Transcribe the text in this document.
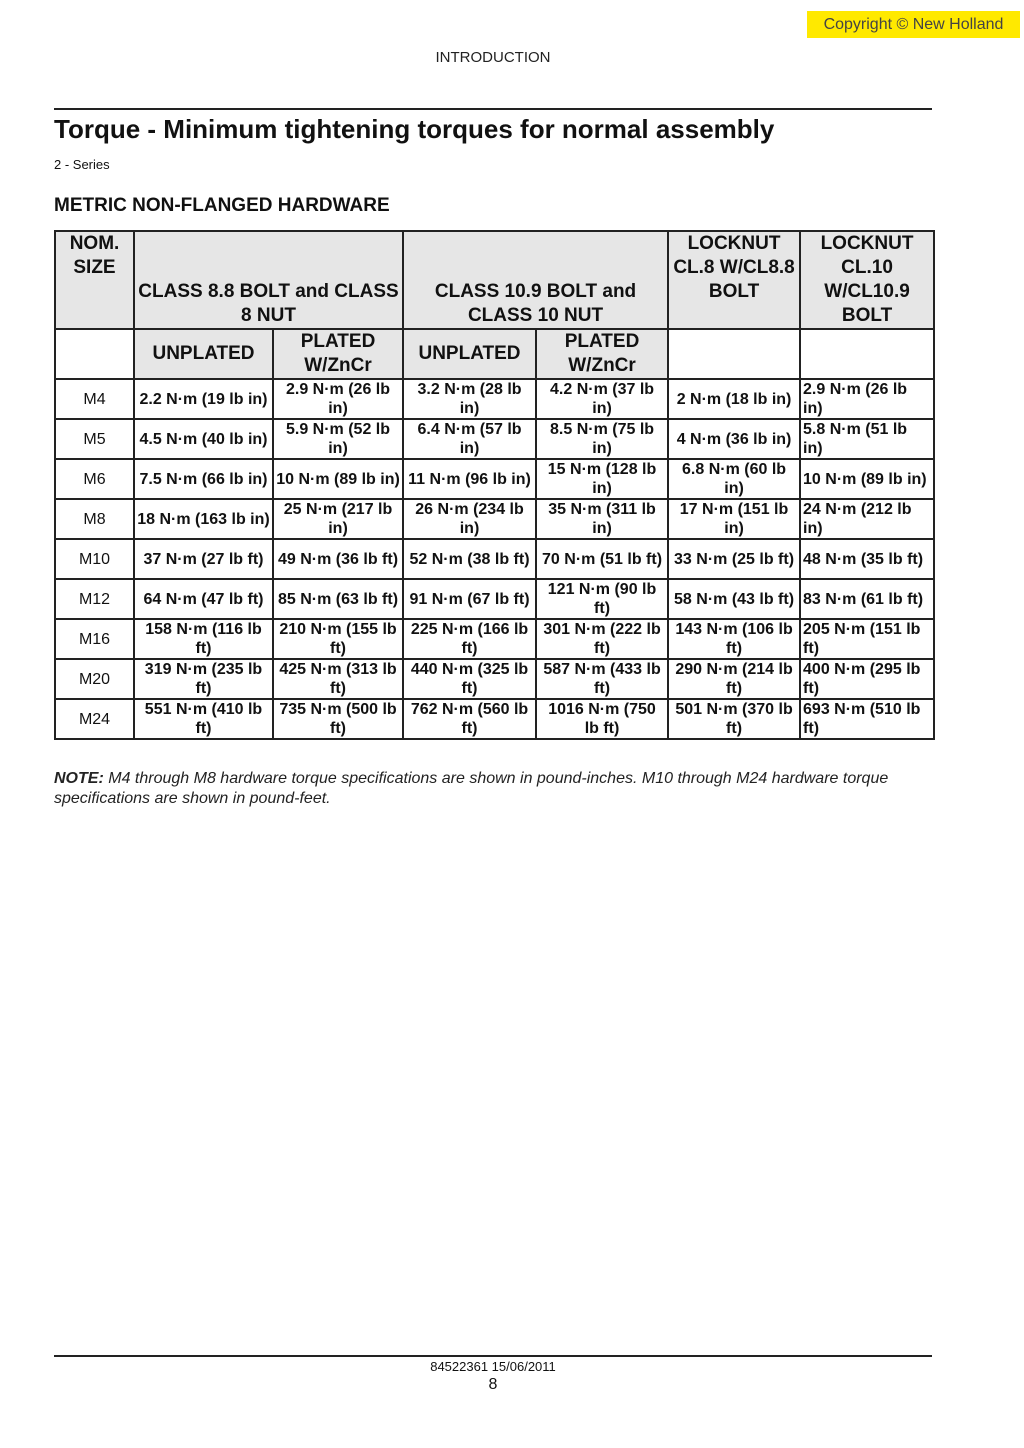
Copyright © New Holland
INTRODUCTION
Torque - Minimum tightening torques for normal assembly
2 - Series
METRIC NON-FLANGED HARDWARE
NOM. SIZE	CLASS 8.8 BOLT and CLASS 8 NUT		CLASS 10.9 BOLT and CLASS 10 NUT		LOCKNUT CL.8 W/CL8.8 BOLT	LOCKNUT CL.10 W/CL10.9 BOLT
	UNPLATED	PLATED W/ZnCr	UNPLATED	PLATED W/ZnCr		
M4	2.2 N·m (19 lb in)	2.9 N·m (26 lb in)	3.2 N·m (28 lb in)	4.2 N·m (37 lb in)	2 N·m (18 lb in)	2.9 N·m (26 lb in)
M5	4.5 N·m (40 lb in)	5.9 N·m (52 lb in)	6.4 N·m (57 lb in)	8.5 N·m (75 lb in)	4 N·m (36 lb in)	5.8 N·m (51 lb in)
M6	7.5 N·m (66 lb in)	10 N·m (89 lb in)	11 N·m (96 lb in)	15 N·m (128 lb in)	6.8 N·m (60 lb in)	10 N·m (89 lb in)
M8	18 N·m (163 lb in)	25 N·m (217 lb in)	26 N·m (234 lb in)	35 N·m (311 lb in)	17 N·m (151 lb in)	24 N·m (212 lb in)
M10	37 N·m (27 lb ft)	49 N·m (36 lb ft)	52 N·m (38 lb ft)	70 N·m (51 lb ft)	33 N·m (25 lb ft)	48 N·m (35 lb ft)
M12	64 N·m (47 lb ft)	85 N·m (63 lb ft)	91 N·m (67 lb ft)	121 N·m (90 lb ft)	58 N·m (43 lb ft)	83 N·m (61 lb ft)
M16	158 N·m (116 lb ft)	210 N·m (155 lb ft)	225 N·m (166 lb ft)	301 N·m (222 lb ft)	143 N·m (106 lb ft)	205 N·m (151 lb ft)
M20	319 N·m (235 lb ft)	425 N·m (313 lb ft)	440 N·m (325 lb ft)	587 N·m (433 lb ft)	290 N·m (214 lb ft)	400 N·m (295 lb ft)
M24	551 N·m (410 lb ft)	735 N·m (500 lb ft)	762 N·m (560 lb ft)	1016 N·m (750 lb ft)	501 N·m (370 lb ft)	693 N·m (510 lb ft)
NOTE: M4 through M8 hardware torque specifications are shown in pound-inches. M10 through M24 hardware torque specifications are shown in pound-feet.
84522361 15/06/2011
8
